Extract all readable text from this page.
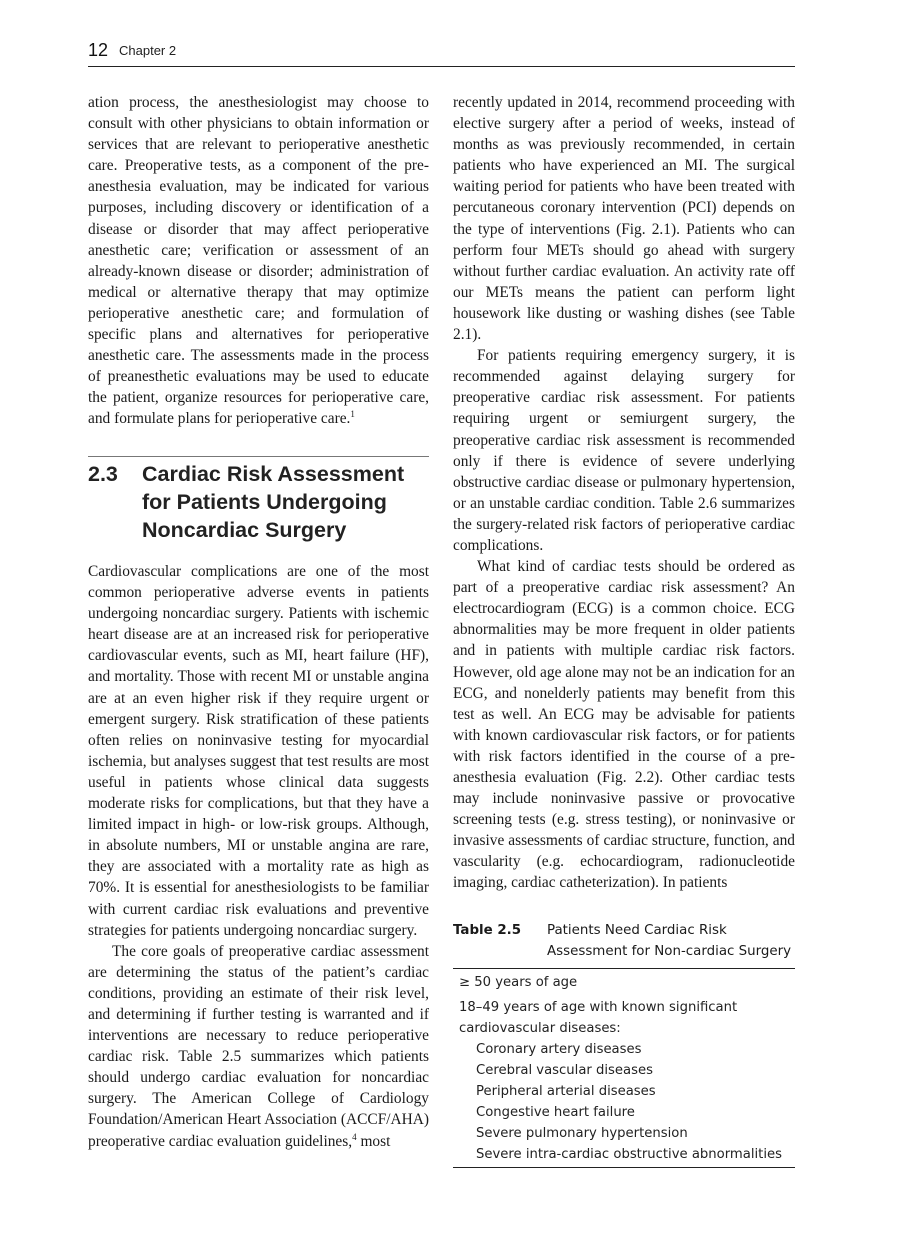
12 Chapter 2

ation process, the anesthesiologist may choose to consult with other physicians to obtain information or services that are relevant to perioperative anesthetic care. Preoperative tests, as a component of the pre-anesthesia evaluation, may be indicated for various purposes, including discovery or identification of a disease or disorder that may affect perioperative anesthetic care; verification or assessment of an already-known disease or disorder; administration of medical or alternative therapy that may optimize perioperative anesthetic care; and formulation of specific plans and alternatives for perioperative anesthetic care. The assessments made in the process of preanesthetic evaluations may be used to educate the patient, organize resources for perioperative care, and formulate plans for perioperative care.$^1$

2.3 Cardiac Risk Assessment for Patients Undergoing Noncardiac Surgery

Cardiovascular complications are one of the most common perioperative adverse events in patients undergoing noncardiac surgery. Patients with ischemic heart disease are at an increased risk for perioperative cardiovascular events, such as MI, heart failure (HF), and mortality. Those with recent MI or unstable angina are at an even higher risk if they require urgent or emergent surgery. Risk stratification of these patients often relies on noninvasive testing for myocardial ischemia, but analyses suggest that test results are most useful in patients whose clinical data suggests moderate risks for complications, but that they have a limited impact in high- or low-risk groups. Although, in absolute numbers, MI or unstable angina are rare, they are associated with a mortality rate as high as 70%. It is essential for anesthesiologists to be familiar with current cardiac risk evaluations and preventive strategies for patients undergoing noncardiac surgery.

The core goals of preoperative cardiac assessment are determining the status of the patient’s cardiac conditions, providing an estimate of their risk level, and determining if further testing is warranted and if interventions are necessary to reduce perioperative cardiac risk. Table 2.5 summarizes which patients should undergo cardiac evaluation for noncardiac surgery. The American College of Cardiology Foundation/American Heart Association (ACCF/AHA) preoperative cardiac evaluation guidelines,$^4$ most

recently updated in 2014, recommend proceeding with elective surgery after a period of weeks, instead of months as was previously recommended, in certain patients who have experienced an MI. The surgical waiting period for patients who have been treated with percutaneous coronary intervention (PCI) depends on the type of interventions (Fig. 2.1). Patients who can perform four METs should go ahead with surgery without further cardiac evaluation. An activity rate off our METs means the patient can perform light housework like dusting or washing dishes (see Table 2.1).

For patients requiring emergency surgery, it is recommended against delaying surgery for preoperative cardiac risk assessment. For patients requiring urgent or semiurgent surgery, the preoperative cardiac risk assessment is recommended only if there is evidence of severe underlying obstructive cardiac disease or pulmonary hypertension, or an unstable cardiac condition. Table 2.6 summarizes the surgery-related risk factors of perioperative cardiac complications.

What kind of cardiac tests should be ordered as part of a preoperative cardiac risk assessment? An electrocardiogram (ECG) is a common choice. ECG abnormalities may be more frequent in older patients and in patients with multiple cardiac risk factors. However, old age alone may not be an indication for an ECG, and nonelderly patients may benefit from this test as well. An ECG may be advisable for patients with known cardiovascular risk factors, or for patients with risk factors identified in the course of a pre-anesthesia evaluation (Fig. 2.2). Other cardiac tests may include noninvasive passive or provocative screening tests (e.g. stress testing), or noninvasive or invasive assessments of cardiac structure, function, and vascularity (e.g. echocardiogram, radionucleotide imaging, cardiac catheterization). In patients

Table 2.5 Patients Need Cardiac Risk Assessment for Non-cardiac Surgery
≥ 50 years of age
18–49 years of age with known significant cardiovascular diseases:
Coronary artery diseases
Cerebral vascular diseases
Peripheral arterial diseases
Congestive heart failure
Severe pulmonary hypertension
Severe intra-cardiac obstructive abnormalities
